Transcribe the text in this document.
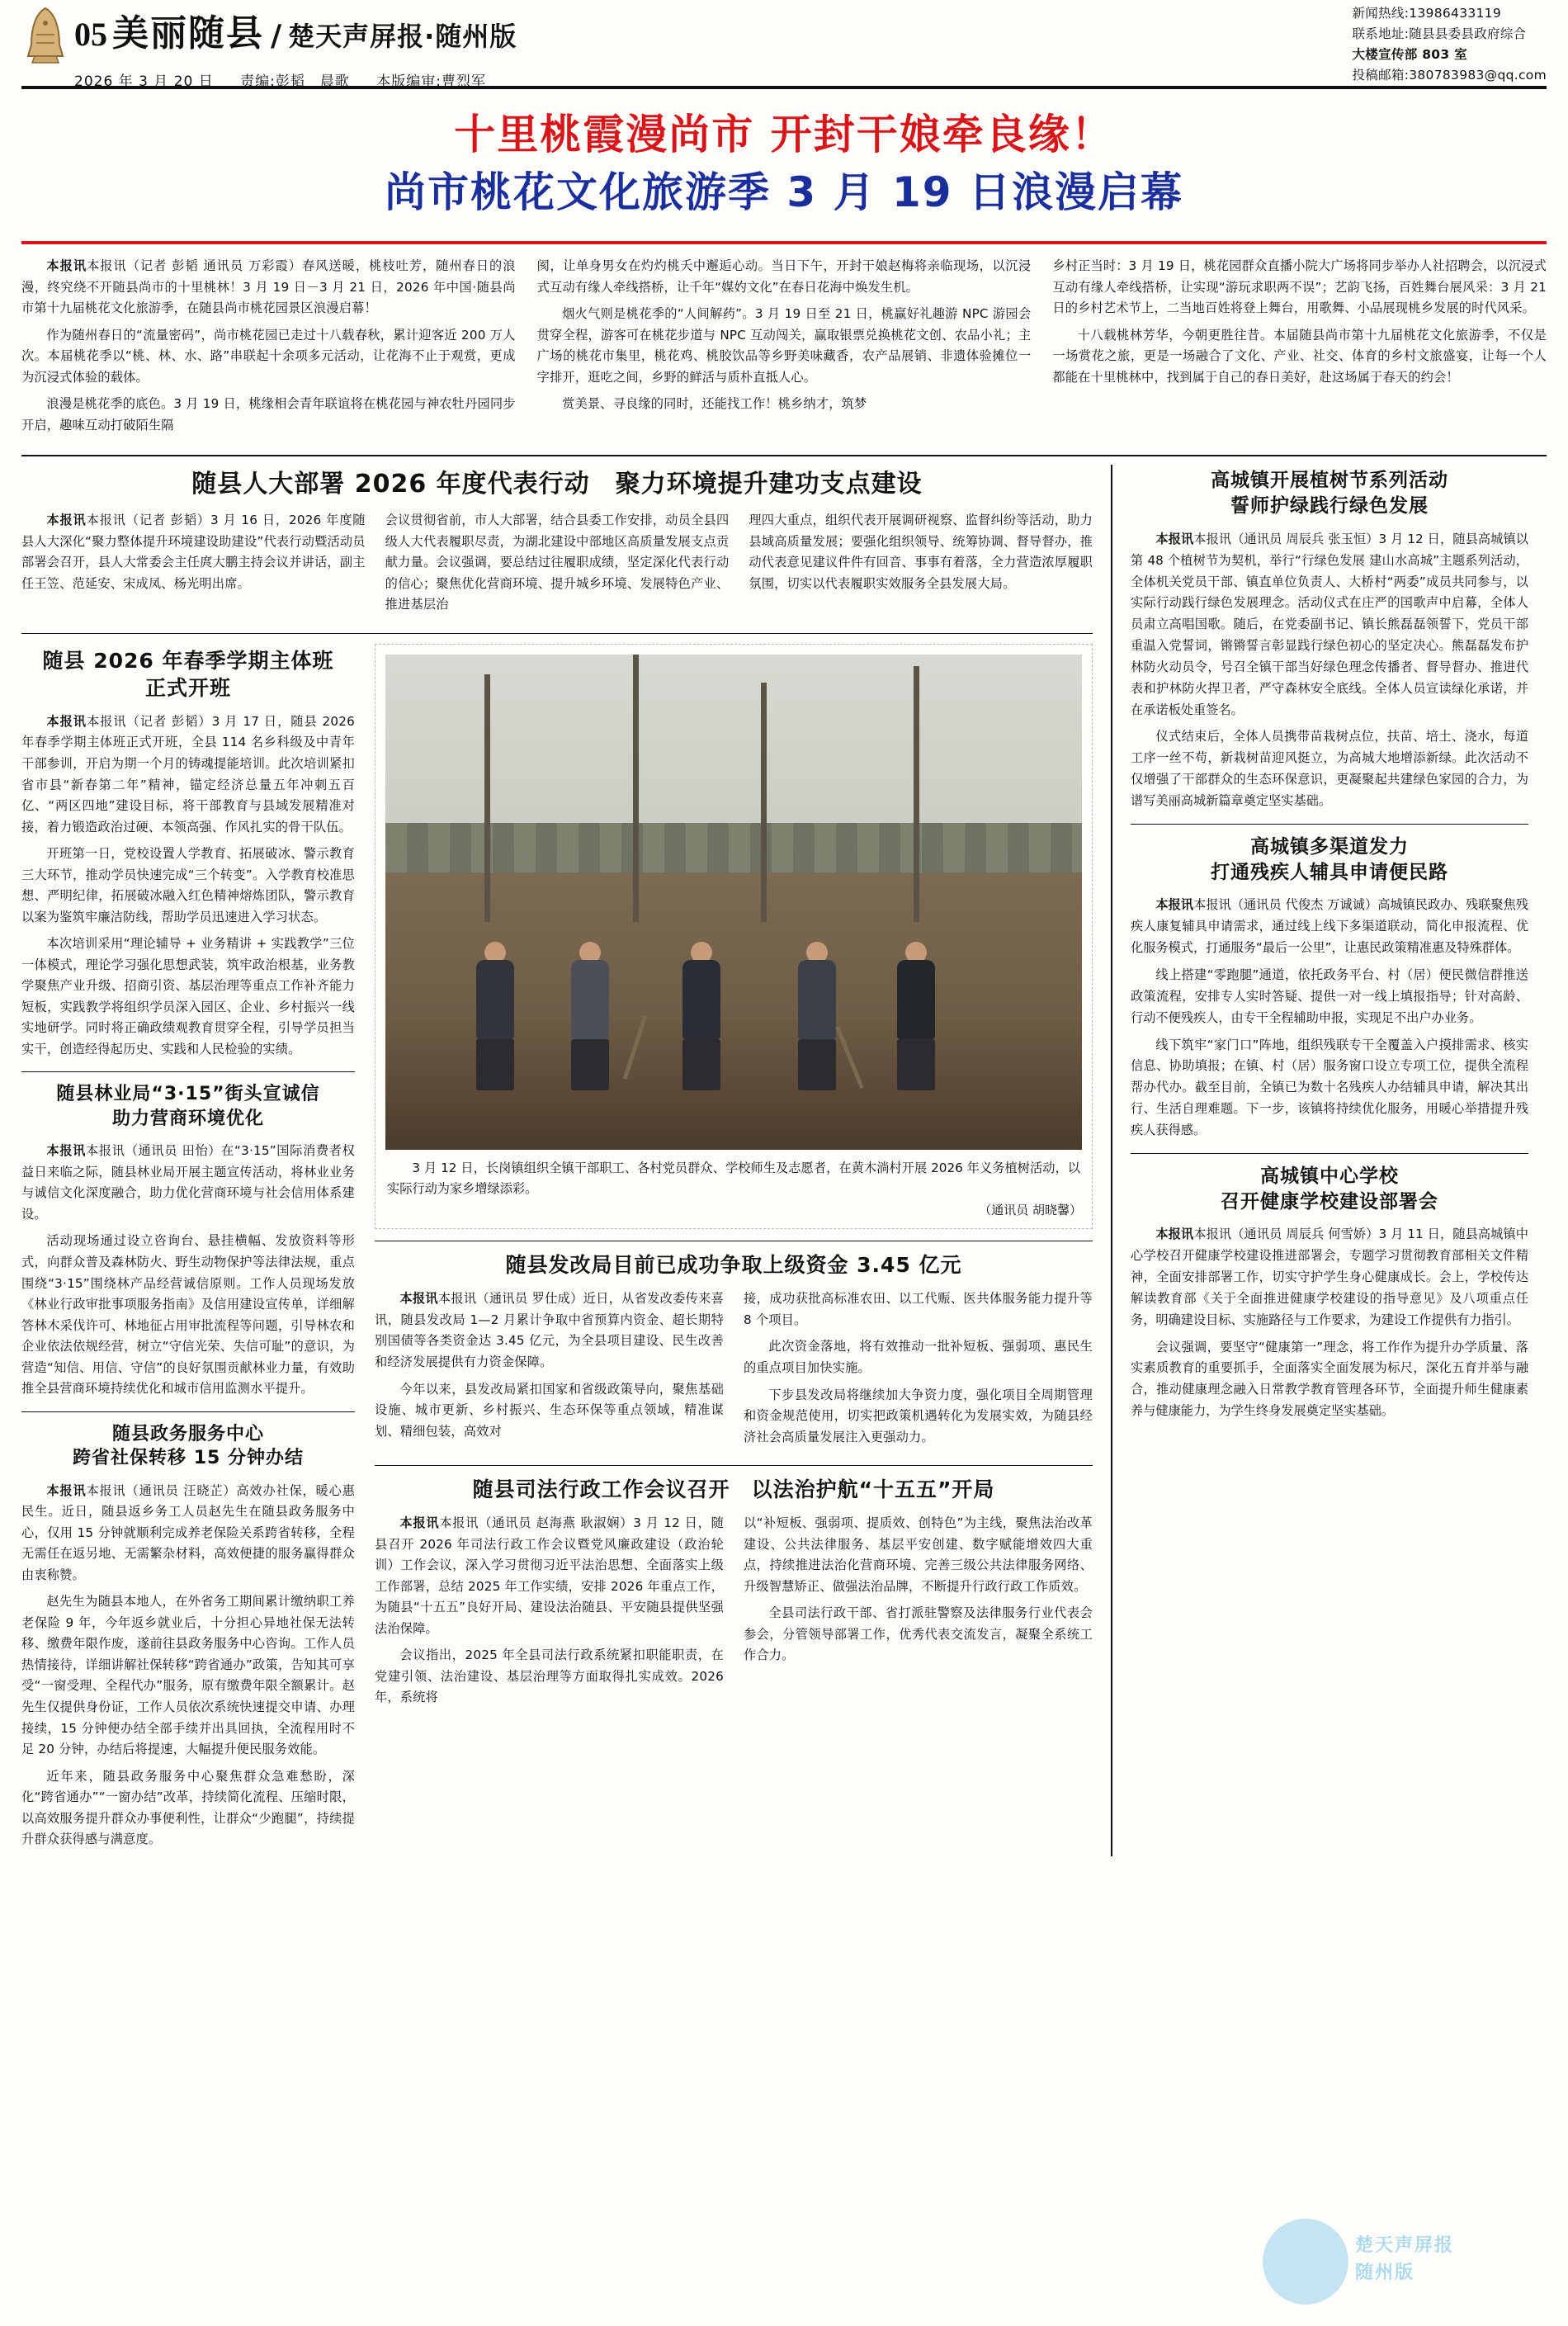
05 美丽随县 / 楚天声屏报·随州版
2026 年 3 月 20 日 责编:彭韬　晨歌 本版编审:曹烈军
新闻热线:13986433119
联系地址:随县县委县政府综合
大楼宣传部 803 室
投稿邮箱:380783983@qq.com
十里桃霞漫尚市 开封干娘牵良缘！
尚市桃花文化旅游季 3 月 19 日浪漫启幕

本报讯本报讯（记者 彭韬 通讯员 万彩霞）春风送暖，桃枝吐芳，随州春日的浪漫，终究绕不开随县尚市的十里桃林！3 月 19 日－3 月 21 日，2026 年中国·随县尚市第十九届桃花文化旅游季，在随县尚市桃花园景区浪漫启幕！

作为随州春日的“流量密码”，尚市桃花园已走过十八载春秋，累计迎客近 200 万人次。本届桃花季以“桃、林、水、路”串联起十余项多元活动，让花海不止于观赏，更成为沉浸式体验的载体。

浪漫是桃花季的底色。3 月 19 日，桃缘相会青年联谊将在桃花园与神农牡丹园同步开启，趣味互动打破陌生隔

阂，让单身男女在灼灼桃夭中邂逅心动。当日下午，开封干娘赵梅将亲临现场，以沉浸式互动有缘人牵线搭桥，让千年“媒妁文化”在春日花海中焕发生机。

烟火气则是桃花季的“人间解药”。3 月 19 日至 21 日，桃赢好礼趣游 NPC 游园会贯穿全程，游客可在桃花步道与 NPC 互动闯关，赢取银票兑换桃花文创、农品小礼；主广场的桃花市集里，桃花鸡、桃胶饮品等乡野美味藏香，农产品展销、非遗体验摊位一字排开，逛吃之间，乡野的鲜活与质朴直抵人心。

赏美景、寻良缘的同时，还能找工作！桃乡纳才，筑梦

乡村正当时：3 月 19 日，桃花园群众直播小院大广场将同步举办人社招聘会，以沉浸式互动有缘人牵线搭桥，让实现“游玩求职两不误”；艺韵飞扬，百姓舞台展风采：3 月 21 日的乡村艺术节上，二当地百姓将登上舞台，用歌舞、小品展现桃乡发展的时代风采。

十八载桃林芳华，今朝更胜往昔。本届随县尚市第十九届桃花文化旅游季，不仅是一场赏花之旅，更是一场融合了文化、产业、社交、体育的乡村文旅盛宴，让每一个人都能在十里桃林中，找到属于自己的春日美好，赴这场属于春天的约会！

随县人大部署 2026 年度代表行动　聚力环境提升建功支点建设

本报讯本报讯（记者 彭韬）3 月 16 日，2026 年度随县人大深化“聚力整体提升环境建设助建设”代表行动暨活动员部署会召开，县人大常委会主任庹大鹏主持会议并讲话，副主任王笠、范延安、宋成凤、杨光明出席。

会议贯彻省前，市人大部署，结合县委工作安排，动员全县四级人大代表履职尽责，为湖北建设中部地区高质量发展支点贡献力量。会议强调，要总结过往履职成绩，坚定深化代表行动的信心；聚焦优化营商环境、提升城乡环境、发展特色产业、推进基层治

理四大重点，组织代表开展调研视察、监督纠纷等活动，助力县域高质量发展；要强化组织领导、统筹协调、督导督办，推动代表意见建议件件有回音、事事有着落，全力营造浓厚履职氛围，切实以代表履职实效服务全县发展大局。

随县 2026 年春季学期主体班
正式开班

本报讯本报讯（记者 彭韬）3 月 17 日，随县 2026 年春季学期主体班正式开班，全县 114 名乡科级及中青年干部参训，开启为期一个月的铸魂提能培训。此次培训紧扣省市县“新春第二年”精神，锚定经济总量五年冲刺五百亿、“两区四地”建设目标，将干部教育与县域发展精准对接，着力锻造政治过硬、本领高强、作风扎实的骨干队伍。

开班第一日，党校设置人学教育、拓展破冰、警示教育三大环节，推动学员快速完成“三个转变”。入学教育校准思想、严明纪律，拓展破冰融入红色精神熔炼团队，警示教育以案为鉴筑牢廉洁防线，帮助学员迅速进入学习状态。

本次培训采用“理论辅导 + 业务精讲 + 实践教学”三位一体模式，理论学习强化思想武装，筑牢政治根基，业务教学聚焦产业升级、招商引资、基层治理等重点工作补齐能力短板，实践教学将组织学员深入园区、企业、乡村振兴一线实地研学。同时将正确政绩观教育贯穿全程，引导学员担当实干，创造经得起历史、实践和人民检验的实绩。

随县林业局“3·15”街头宣诚信
助力营商环境优化

本报讯本报讯（通讯员 田怡）在“3·15”国际消费者权益日来临之际，随县林业局开展主题宣传活动，将林业业务与诚信文化深度融合，助力优化营商环境与社会信用体系建设。

活动现场通过设立咨询台、悬挂横幅、发放资料等形式，向群众普及森林防火、野生动物保护等法律法规，重点围绕“3·15”围绕林产品经营诚信原则。工作人员现场发放《林业行政审批事项服务指南》及信用建设宣传单，详细解答林木采伐许可、林地征占用审批流程等问题，引导林农和企业依法依规经营，树立“守信光荣、失信可耻”的意识，为营造“知信、用信、守信”的良好氛围贡献林业力量，有效助推全县营商环境持续优化和城市信用监测水平提升。

随县政务服务中心
跨省社保转移 15 分钟办结

本报讯本报讯（通讯员 汪晓芷）高效办社保，暖心惠民生。近日，随县返乡务工人员赵先生在随县政务服务中心，仅用 15 分钟就顺利完成养老保险关系跨省转移，全程无需任在返另地、无需繁杂材料，高效便捷的服务赢得群众由衷称赞。

赵先生为随县本地人，在外省务工期间累计缴纳职工养老保险 9 年，今年返乡就业后，十分担心异地社保无法转移、缴费年限作废，遂前往县政务服务中心咨询。工作人员热情接待，详细讲解社保转移“跨省通办”政策，告知其可享受“一窗受理、全程代办”服务，原有缴费年限全额累计。赵先生仅提供身份证，工作人员依次系统快速提交申请、办理接续，15 分钟便办结全部手续并出具回执，全流程用时不足 20 分钟，办结后将提速，大幅提升便民服务效能。

近年来，随县政务服务中心聚焦群众急难愁盼，深化“跨省通办”“一窗办结”改革，持续简化流程、压缩时限，以高效服务提升群众办事便利性，让群众“少跑腿”，持续提升群众获得感与满意度。

3 月 12 日，长岗镇组织全镇干部职工、各村党员群众、学校师生及志愿者，在黄木淌村开展 2026 年义务植树活动，以实际行动为家乡增绿添彩。
（通讯员 胡晓馨）
随县发改局目前已成功争取上级资金 3.45 亿元

本报讯本报讯（通讯员 罗仕成）近日，从省发改委传来喜讯，随县发改局 1—2 月累计争取中省预算内资金、超长期特别国债等各类资金达 3.45 亿元，为全县项目建设、民生改善和经济发展提供有力资金保障。

今年以来，县发改局紧扣国家和省级政策导向，聚焦基础设施、城市更新、乡村振兴、生态环保等重点领域，精准谋划、精细包装，高效对

接，成功获批高标准农田、以工代赈、医共体服务能力提升等 8 个项目。

此次资金落地，将有效推动一批补短板、强弱项、惠民生的重点项目加快实施。

下步县发改局将继续加大争资力度，强化项目全周期管理和资金规范使用，切实把政策机遇转化为发展实效，为随县经济社会高质量发展注入更强动力。

随县司法行政工作会议召开　以法治护航“十五五”开局

本报讯本报讯（通讯员 赵海燕 耿淑娴）3 月 12 日，随县召开 2026 年司法行政工作会议暨党风廉政建设（政治轮训）工作会议，深入学习贯彻习近平法治思想、全面落实上级工作部署，总结 2025 年工作实绩，安排 2026 年重点工作，为随县“十五五”良好开局、建设法治随县、平安随县提供坚强法治保障。

会议指出，2025 年全县司法行政系统紧扣职能职责，在党建引领、法治建设、基层治理等方面取得扎实成效。2026 年，系统将

以“补短板、强弱项、提质效、创特色”为主线，聚焦法治改革建设、公共法律服务、基层平安创建、数字赋能增效四大重点，持续推进法治化营商环境、完善三级公共法律服务网络、升级智慧矫正、做强法治品牌，不断提升行政行政工作质效。

全县司法行政干部、省打派驻警察及法律服务行业代表会参会，分管领导部署工作，优秀代表交流发言，凝聚全系统工作合力。

高城镇开展植树节系列活动
誓师护绿践行绿色发展

本报讯本报讯（通讯员 周辰兵 张玉恒）3 月 12 日，随县高城镇以第 48 个植树节为契机，举行“行绿色发展 建山水高城”主题系列活动，全体机关党员干部、镇直单位负责人、大桥村“两委”成员共同参与，以实际行动践行绿色发展理念。活动仪式在庄严的国歌声中启幕，全体人员肃立高唱国歌。随后，在党委副书记、镇长熊磊磊领誓下，党员干部重温入党誓词，锵锵誓言彰显践行绿色初心的坚定决心。熊磊磊发布护林防火动员令，号召全镇干部当好绿色理念传播者、督导督办、推进代表和护林防火捍卫者，严守森林安全底线。全体人员宣读绿化承诺，并在承诺板处重签名。

仪式结束后，全体人员携带苗栽树点位，扶苗、培土、浇水，每道工序一丝不苟，新栽树苗迎风挺立，为高城大地增添新绿。此次活动不仅增强了干部群众的生态环保意识，更凝聚起共建绿色家园的合力，为谱写美丽高城新篇章奠定坚实基础。

高城镇多渠道发力
打通残疾人辅具申请便民路

本报讯本报讯（通讯员 代俊杰 万诚诚）高城镇民政办、残联聚焦残疾人康复辅具申请需求，通过线上线下多渠道联动，简化申报流程、优化服务模式，打通服务“最后一公里”，让惠民政策精准惠及特殊群体。

线上搭建“零跑腿”通道，依托政务平台、村（居）便民微信群推送政策流程，安排专人实时答疑、提供一对一线上填报指导；针对高龄、行动不便残疾人，由专干全程辅助申报，实现足不出户办业务。

线下筑牢“家门口”阵地，组织残联专干全覆盖入户摸排需求、核实信息、协助填报；在镇、村（居）服务窗口设立专项工位，提供全流程帮办代办。截至目前，全镇已为数十名残疾人办结辅具申请，解决其出行、生活自理难题。下一步，该镇将持续优化服务，用暖心举措提升残疾人获得感。

高城镇中心学校
召开健康学校建设部署会

本报讯本报讯（通讯员 周辰兵 何雪娇）3 月 11 日，随县高城镇中心学校召开健康学校建设推进部署会，专题学习贯彻教育部相关文件精神，全面安排部署工作，切实守护学生身心健康成长。会上，学校传达解读教育部《关于全面推进健康学校建设的指导意见》及八项重点任务，明确建设目标、实施路径与工作要求，为建设工作提供有力指引。

会议强调，要坚守“健康第一”理念，将工作作为提升办学质量、落实素质教育的重要抓手，全面落实全面发展为标尺，深化五育并举与融合，推动健康理念融入日常教学教育管理各环节，全面提升师生健康素养与健康能力，为学生终身发展奠定坚实基础。

楚天声屏报
随州版
